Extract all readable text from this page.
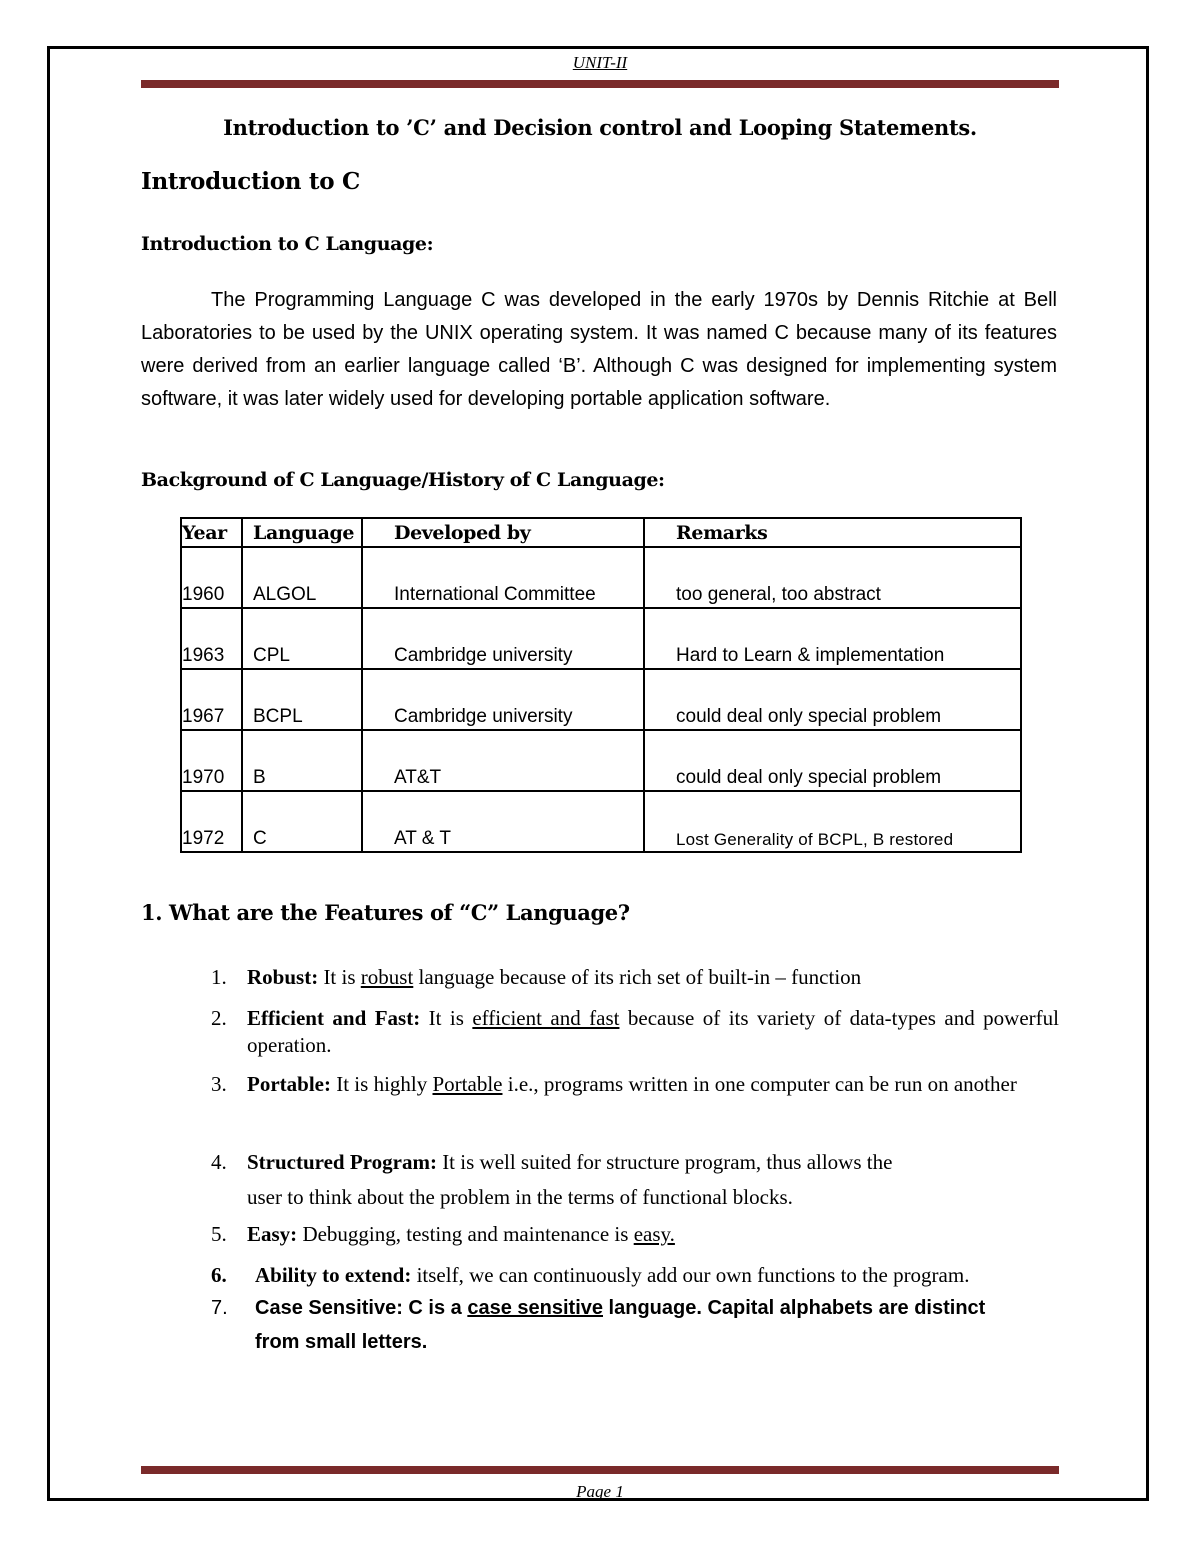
UNIT-II
Introduction to ’C’ and Decision control and Looping Statements.
Introduction to C
Introduction to C Language:

The Programming Language C was developed in the early 1970s by Dennis Ritchie at Bell Laboratories to be used by the UNIX operating system. It was named C because many of its features were derived from an earlier language called ‘B’. Although C was designed for implementing system software, it was later widely used for developing portable application software.

Background of C Language/History of C Language:
Year	Language	Developed by	Remarks
1960	ALGOL	International Committee	too general, too abstract
1963	CPL	Cambridge university	Hard to Learn & implementation
1967	BCPL	Cambridge university	could deal only special problem
1970	B	AT&T	could deal only special problem
1972	C	AT & T	Lost Generality of BCPL, B restored
1. What are the Features of “C” Language?
1. Robust: It is robust language because of its rich set of built-in – function
2. Efficient and Fast: It is efficient and fast because of its variety of data-types and powerful operation.
3. Portable: It is highly Portable i.e., programs written in one computer can be run on another
4. Structured Program: It is well suited for structure program, thus allows the
user to think about the problem in the terms of functional blocks.
5. Easy: Debugging, testing and maintenance is easy.
6.	Ability to extend: itself, we can continuously add our own functions to the program.
7.	Case Sensitive: C is a case sensitive language. Capital alphabets are distinct from small letters.
Page 1
